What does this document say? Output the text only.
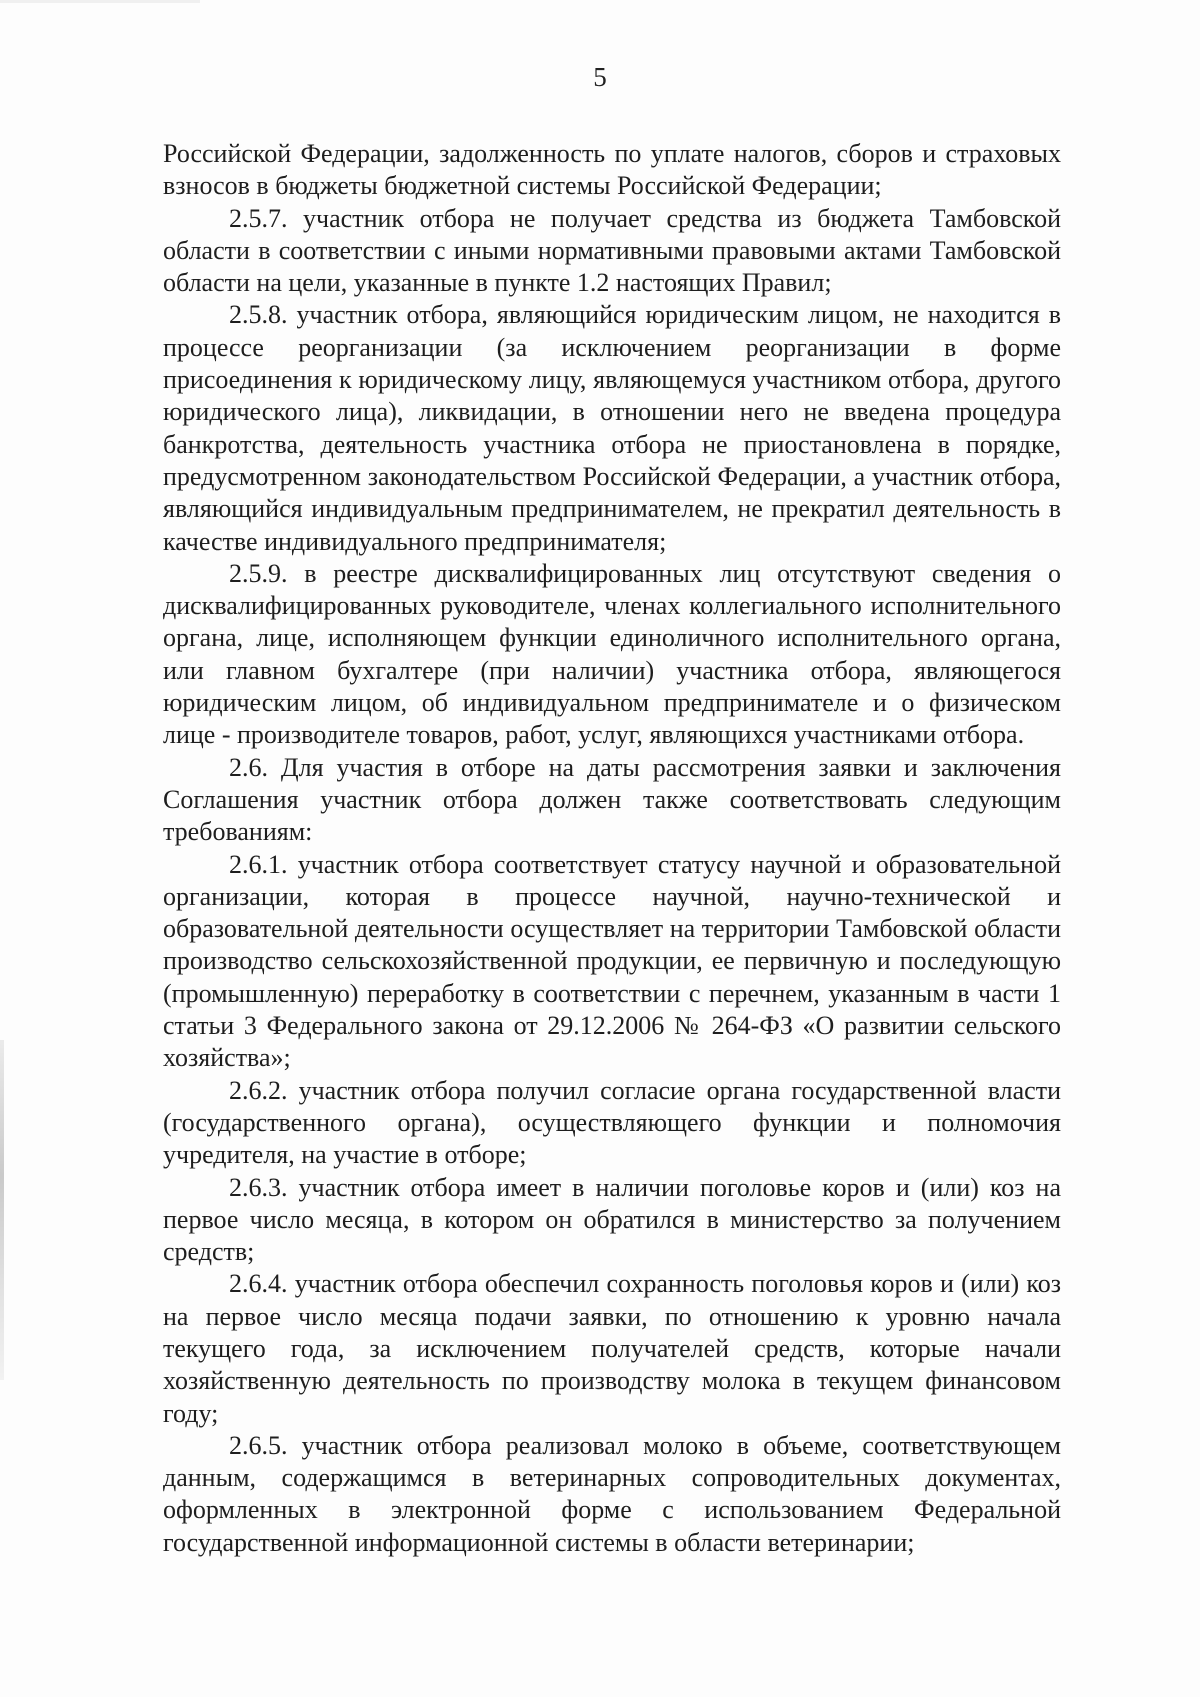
5

Российской Федерации, задолженность по уплате налогов, сборов и страховых взносов в бюджеты бюджетной системы Российской Федерации;

2.5.7. участник отбора не получает средства из бюджета Тамбовской области в соответствии с иными нормативными правовыми актами Тамбовской области на цели, указанные в пункте 1.2 настоящих Правил;

2.5.8. участник отбора, являющийся юридическим лицом, не находится в процессе реорганизации (за исключением реорганизации в форме присоединения к юридическому лицу, являющемуся участником отбора, другого юридического лица), ликвидации, в отношении него не введена процедура банкротства, деятельность участника отбора не приостановлена в порядке, предусмотренном законодательством Российской Федерации, а участник отбора, являющийся индивидуальным предпринимателем, не прекратил деятельность в качестве индивидуального предпринимателя;

2.5.9. в реестре дисквалифицированных лиц отсутствуют сведения о дисквалифицированных руководителе, членах коллегиального исполнительного органа, лице, исполняющем функции единоличного исполнительного органа, или главном бухгалтере (при наличии) участника отбора, являющегося юридическим лицом, об индивидуальном предпринимателе и о физическом лице - производителе товаров, работ, услуг, являющихся участниками отбора.

2.6. Для участия в отборе на даты рассмотрения заявки и заключения Соглашения участник отбора должен также соответствовать следующим требованиям:

2.6.1. участник отбора соответствует статусу научной и образовательной организации, которая в процессе научной, научно-технической и образовательной деятельности осуществляет на территории Тамбовской области производство сельскохозяйственной продукции, ее первичную и последующую (промышленную) переработку в соответствии с перечнем, указанным в части 1 статьи 3 Федерального закона от 29.12.2006 № 264-ФЗ «О развитии сельского хозяйства»;

2.6.2. участник отбора получил согласие органа государственной власти (государственного органа), осуществляющего функции и полномочия учредителя, на участие в отборе;

2.6.3. участник отбора имеет в наличии поголовье коров и (или) коз на первое число месяца, в котором он обратился в министерство за получением средств;

2.6.4. участник отбора обеспечил сохранность поголовья коров и (или) коз на первое число месяца подачи заявки, по отношению к уровню начала текущего года, за исключением получателей средств, которые начали хозяйственную деятельность по производству молока в текущем финансовом году;

2.6.5. участник отбора реализовал молоко в объеме, соответствующем данным, содержащимся в ветеринарных сопроводительных документах, оформленных в электронной форме с использованием Федеральной государственной информационной системы в области ветеринарии;
